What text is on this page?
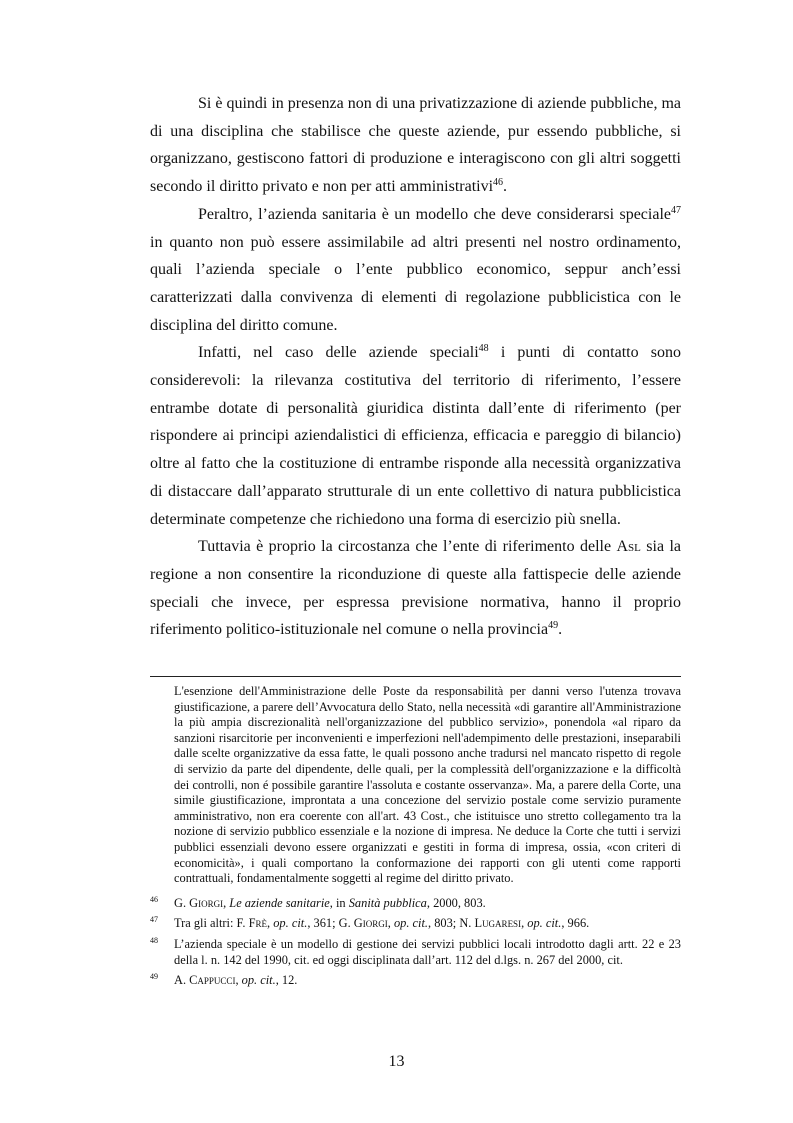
Si è quindi in presenza non di una privatizzazione di aziende pubbliche, ma di una disciplina che stabilisce che queste aziende, pur essendo pubbliche, si organizzano, gestiscono fattori di produzione e interagiscono con gli altri soggetti secondo il diritto privato e non per atti amministrativi$^{46}$.

Peraltro, l’azienda sanitaria è un modello che deve considerarsi speciale$^{47}$ in quanto non può essere assimilabile ad altri presenti nel nostro ordinamento, quali l’azienda speciale o l’ente pubblico economico, seppur anch’essi caratterizzati dalla convivenza di elementi di regolazione pubblicistica con le disciplina del diritto comune.

Infatti, nel caso delle aziende speciali$^{48}$ i punti di contatto sono considerevoli: la rilevanza costitutiva del territorio di riferimento, l’essere entrambe dotate di personalità giuridica distinta dall’ente di riferimento (per rispondere ai principi aziendalistici di efficienza, efficacia e pareggio di bilancio) oltre al fatto che la costituzione di entrambe risponde alla necessità organizzativa di distaccare dall’apparato strutturale di un ente collettivo di natura pubblicistica determinate competenze che richiedono una forma di esercizio più snella.

Tuttavia è proprio la circostanza che l’ente di riferimento delle Asl sia la regione a non consentire la riconduzione di queste alla fattispecie delle aziende speciali che invece, per espressa previsione normativa, hanno il proprio riferimento politico-istituzionale nel comune o nella provincia$^{49}$.

L'esenzione dell'Amministrazione delle Poste da responsabilità per danni verso l'utenza trovava giustificazione, a parere dell’Avvocatura dello Stato, nella necessità «di garantire all'Amministrazione la più ampia discrezionalità nell'organizzazione del pubblico servizio», ponendola «al riparo da sanzioni risarcitorie per inconvenienti e imperfezioni nell'adempimento delle prestazioni, inseparabili dalle scelte organizzative da essa fatte, le quali possono anche tradursi nel mancato rispetto di regole di servizio da parte del dipendente, delle quali, per la complessità dell'organizzazione e la difficoltà dei controlli, non é possibile garantire l'assoluta e costante osservanza». Ma, a parere della Corte, una simile giustificazione, improntata a una concezione del servizio postale come servizio puramente amministrativo, non era coerente con all'art. 43 Cost., che istituisce uno stretto collegamento tra la nozione di servizio pubblico essenziale e la nozione di impresa. Ne deduce la Corte che tutti i servizi pubblici essenziali devono essere organizzati e gestiti in forma di impresa, ossia, «con criteri di economicità», i quali comportano la conformazione dei rapporti con gli utenti come rapporti contrattuali, fondamentalmente soggetti al regime del diritto privato.

46 G. Giorgi, Le aziende sanitarie, in Sanità pubblica, 2000, 803.
47 Tra gli altri: F. Frè, op. cit., 361; G. Giorgi, op. cit., 803; N. Lugaresi, op. cit., 966.
48 L’azienda speciale è un modello di gestione dei servizi pubblici locali introdotto dagli artt. 22 e 23 della l. n. 142 del 1990, cit. ed oggi disciplinata dall’art. 112 del d.lgs. n. 267 del 2000, cit.
49 A. Cappucci, op. cit., 12.
13
